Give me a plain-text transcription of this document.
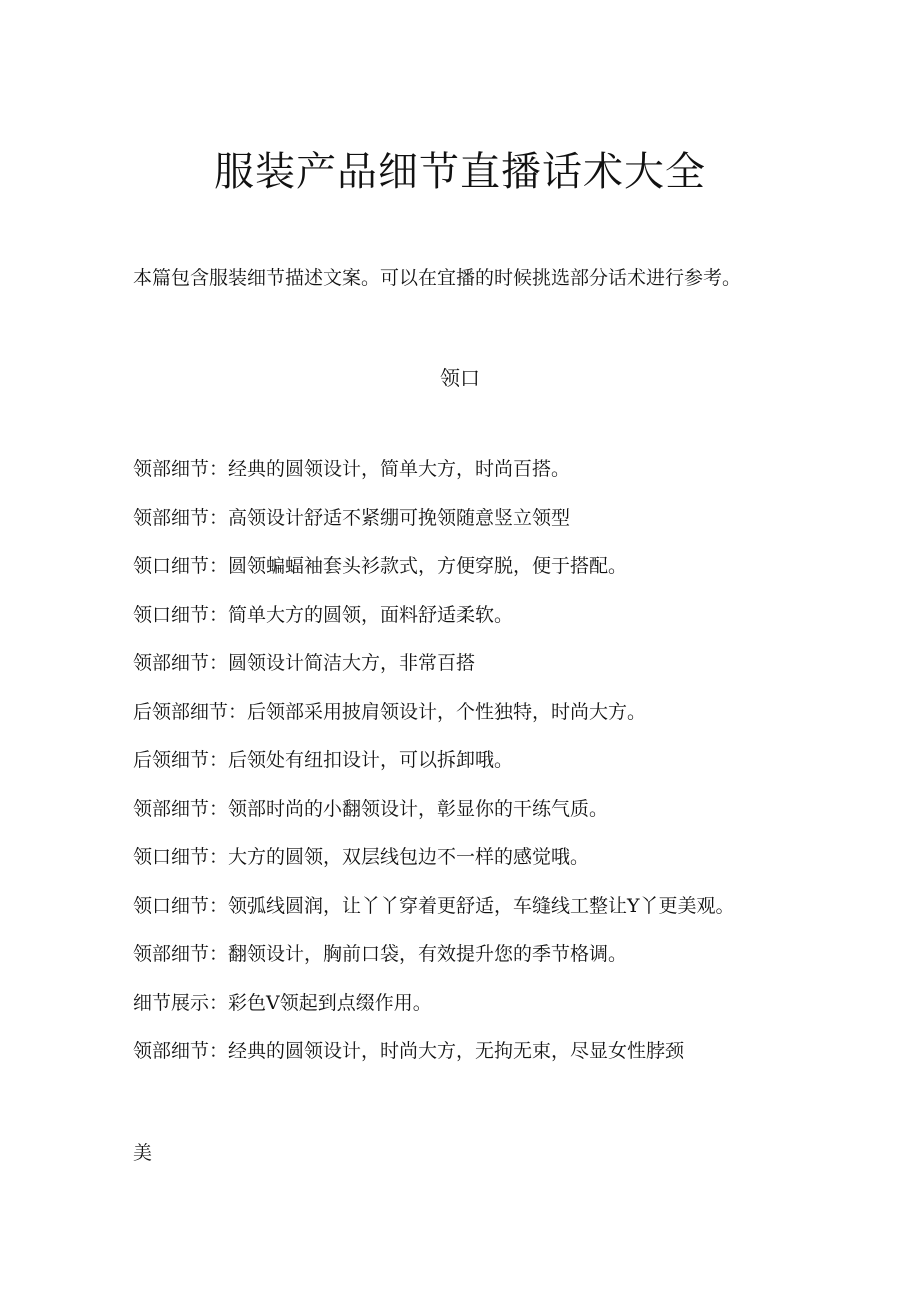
服装产品细节直播话术大全

本篇包含服装细节描述文案。可以在宜播的时候挑选部分话术进行参考。

领口
领部细节：经典的圆领设计，简单大方，时尚百搭。
领部细节：高领设计舒适不紧绷可挽领随意竖立领型
领口细节：圆领蝙蝠袖套头衫款式，方便穿脱，便于搭配。
领口细节：简单大方的圆领，面料舒适柔软。
领部细节：圆领设计简洁大方，非常百搭
后领部细节：后领部采用披肩领设计，个性独特，时尚大方。
后领细节：后领处有纽扣设计，可以拆卸哦。
领部细节：领部时尚的小翻领设计，彰显你的干练气质。
领口细节：大方的圆领，双层线包边不一样的感觉哦。
领口细节：领弧线圆润，让丫丫穿着更舒适，车缝线工整让Y丫更美观。
领部细节：翻领设计，胸前口袋，有效提升您的季节格调。
细节展示：彩色V领起到点缀作用。
领部细节：经典的圆领设计，时尚大方，无拘无束，尽显女性脖颈

美
